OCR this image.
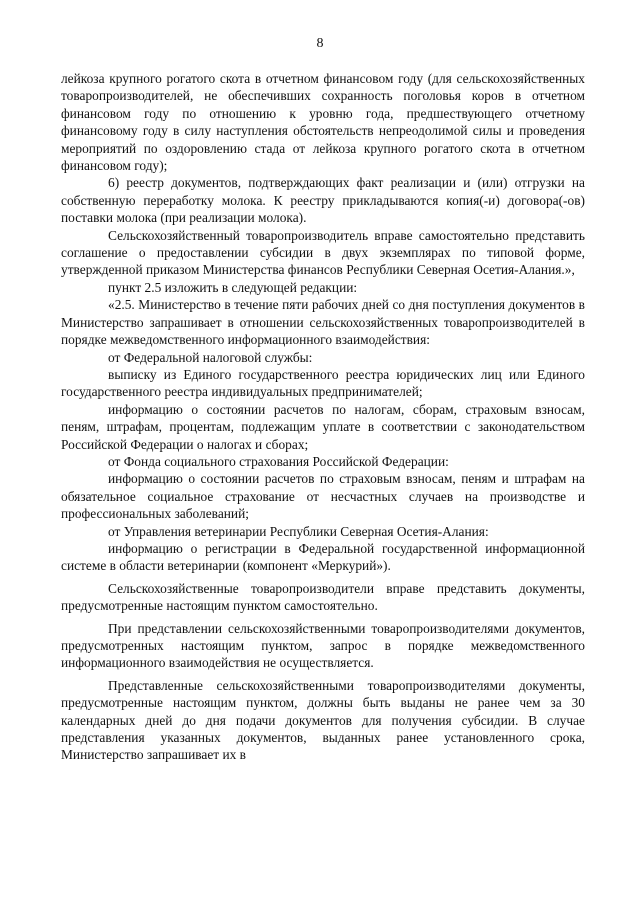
8

лейкоза крупного рогатого скота в отчетном финансовом году (для сельскохозяйственных товаропроизводителей, не обеспечивших сохранность поголовья коров в отчетном финансовом году по отношению к уровню года, предшествующего отчетному финансовому году в силу наступления обстоятельств непреодолимой силы и проведения мероприятий по оздоровлению стада от лейкоза крупного рогатого скота в отчетном финансовом году);

6) реестр документов, подтверждающих факт реализации и (или) отгрузки на собственную переработку молока. К реестру прикладываются копия(-и) договора(-ов) поставки молока (при реализации молока).

Сельскохозяйственный товаропроизводитель вправе самостоятельно представить соглашение о предоставлении субсидии в двух экземплярах по типовой форме, утвержденной приказом Министерства финансов Республики Северная Осетия-Алания.»,

пункт 2.5 изложить в следующей редакции:

«2.5. Министерство в течение пяти рабочих дней со дня поступления документов в Министерство запрашивает в отношении сельскохозяйственных товаропроизводителей в порядке межведомственного информационного взаимодействия:

от Федеральной налоговой службы:

выписку из Единого государственного реестра юридических лиц или Единого государственного реестра индивидуальных предпринимателей;

информацию о состоянии расчетов по налогам, сборам, страховым взносам, пеням, штрафам, процентам, подлежащим уплате в соответствии с законодательством Российской Федерации о налогах и сборах;

от Фонда социального страхования Российской Федерации:

информацию о состоянии расчетов по страховым взносам, пеням и штрафам на обязательное социальное страхование от несчастных случаев на производстве и профессиональных заболеваний;

от Управления ветеринарии Республики Северная Осетия-Алания:

информацию о регистрации в Федеральной государственной информационной системе в области ветеринарии (компонент «Меркурий»).

Сельскохозяйственные товаропроизводители вправе представить документы, предусмотренные настоящим пунктом самостоятельно.

При представлении сельскохозяйственными товаропроизводителями документов, предусмотренных настоящим пунктом, запрос в порядке межведомственного информационного взаимодействия не осуществляется.

Представленные сельскохозяйственными товаропроизводителями документы, предусмотренные настоящим пунктом, должны быть выданы не ранее чем за 30 календарных дней до дня подачи документов для получения субсидии. В случае представления указанных документов, выданных ранее установленного срока, Министерство запрашивает их в
